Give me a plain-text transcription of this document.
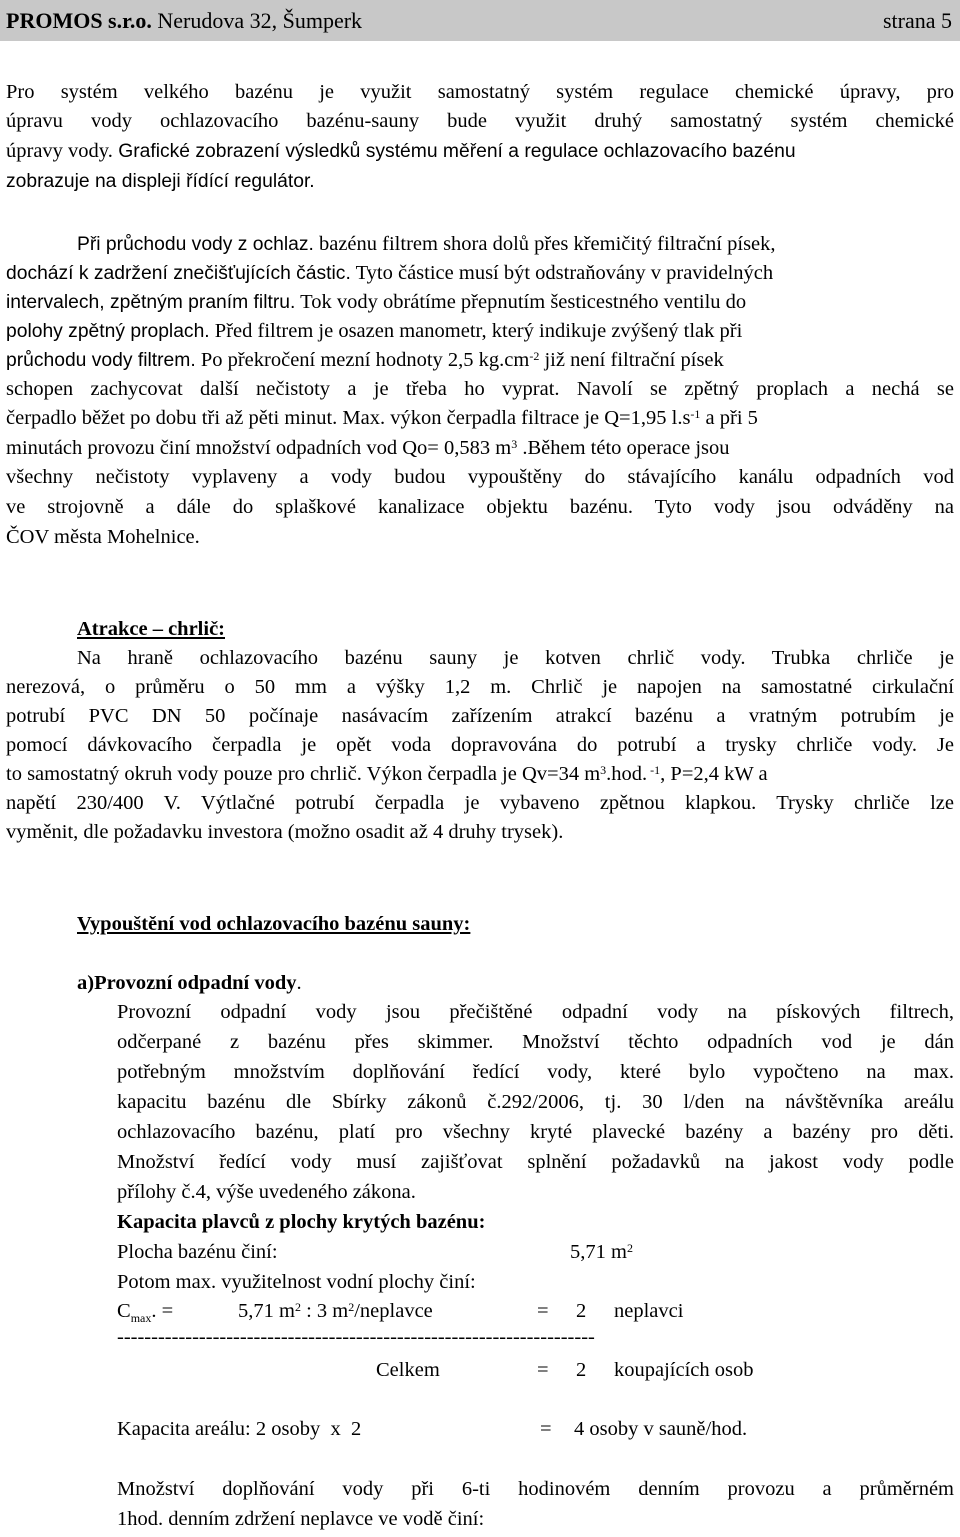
PROMOS s.r.o. Nerudova 32, Šumperk	strana 5
Pro systém velkého bazénu je využit samostatný systém regulace chemické úpravy, pro
úpravu vody ochlazovacího bazénu-sauny bude využit druhý samostatný systém chemické
úpravy vody. Grafické zobrazení výsledků systému měření a regulace ochlazovacího bazénu
zobrazuje na displeji řídící regulátor.
Při průchodu vody z ochlaz. bazénu filtrem shora dolů přes křemičitý filtrační písek,
dochází k zadržení znečišťujících částic. Tyto částice musí být odstraňovány v pravidelných
intervalech, zpětným praním filtru. Tok vody obrátíme přepnutím šesticestného ventilu do
polohy zpětný proplach. Před filtrem je osazen manometr, který indikuje zvýšený tlak při
průchodu vody filtrem. Po překročení mezní hodnoty 2,5 $kg.cm^{-2}$ již není filtrační písek
schopen zachycovat další nečistoty a je třeba ho vyprat. Navolí se zpětný proplach a nechá se
čerpadlo běžet po dobu tři až pěti minut. Max. výkon čerpadla filtrace je Q=1,95 $l.s^{-1}$ a při 5
minutách provozu činí množství odpadních vod Qo= 0,583 $m^3$ .Během této operace jsou
všechny nečistoty vyplaveny a vody budou vypouštěny do stávajícího kanálu odpadních vod
ve strojovně a dále do splaškové kanalizace objektu bazénu. Tyto vody jsou odváděny na
ČOV města Mohelnice.
Atrakce – chrlič:
Na hraně ochlazovacího bazénu sauny je kotven chrlič vody. Trubka chrliče je
nerezová, o průměru o 50 mm a výšky 1,2 m. Chrlič je napojen na samostatné cirkulační
potrubí PVC DN 50 počínaje nasávacím zařízením atrakcí bazénu a vratným potrubím je
pomocí dávkovacího čerpadla je opět voda dopravována do potrubí a trysky chrliče vody. Je
to samostatný okruh vody pouze pro chrlič. Výkon čerpadla je Qv=34 $m^3.hod$. $^{-1}$, P=2,4 kW a
napětí 230/400 V. Výtlačné potrubí čerpadla je vybaveno zpětnou klapkou. Trysky chrliče lze
vyměnit, dle požadavku investora (možno osadit až 4 druhy trysek).
Vypouštění vod ochlazovacího bazénu sauny:
a)Provozní odpadní vody.
Provozní odpadní vody jsou přečištěné odpadní vody na pískových filtrech,
odčerpané z bazénu přes skimmer. Množství těchto odpadních vod je dán
potřebným množstvím doplňování ředící vody, které bylo vypočteno na max.
kapacitu bazénu dle Sbírky zákonů č.292/2006, tj. 30 l/den na návštěvníka areálu
ochlazovacího bazénu, platí pro všechny kryté plavecké bazény a bazény pro děti.
Množství ředící vody musí zajišťovat splnění požadavků na jakost vody podle
přílohy č.4, výše uvedeného zákona.
Kapacita plavců z plochy krytých bazénu:
Plocha bazénu činí:	5,71 $m^2$
Potom max. využitelnost vodní plochy činí:
$C_{max}$. =	5,71 $m^2$ : 3 $m^2$/neplavce	= 2 neplavci
----------------------------------------------------------------------
Celkem	= 2 koupajících osob
Kapacita areálu: 2 osoby  x  2	= 4 osoby v sauně/hod.
Množství doplňování vody při 6-ti hodinovém denním provozu a průměrném
1hod. denním zdržení neplavce ve vodě činí:
